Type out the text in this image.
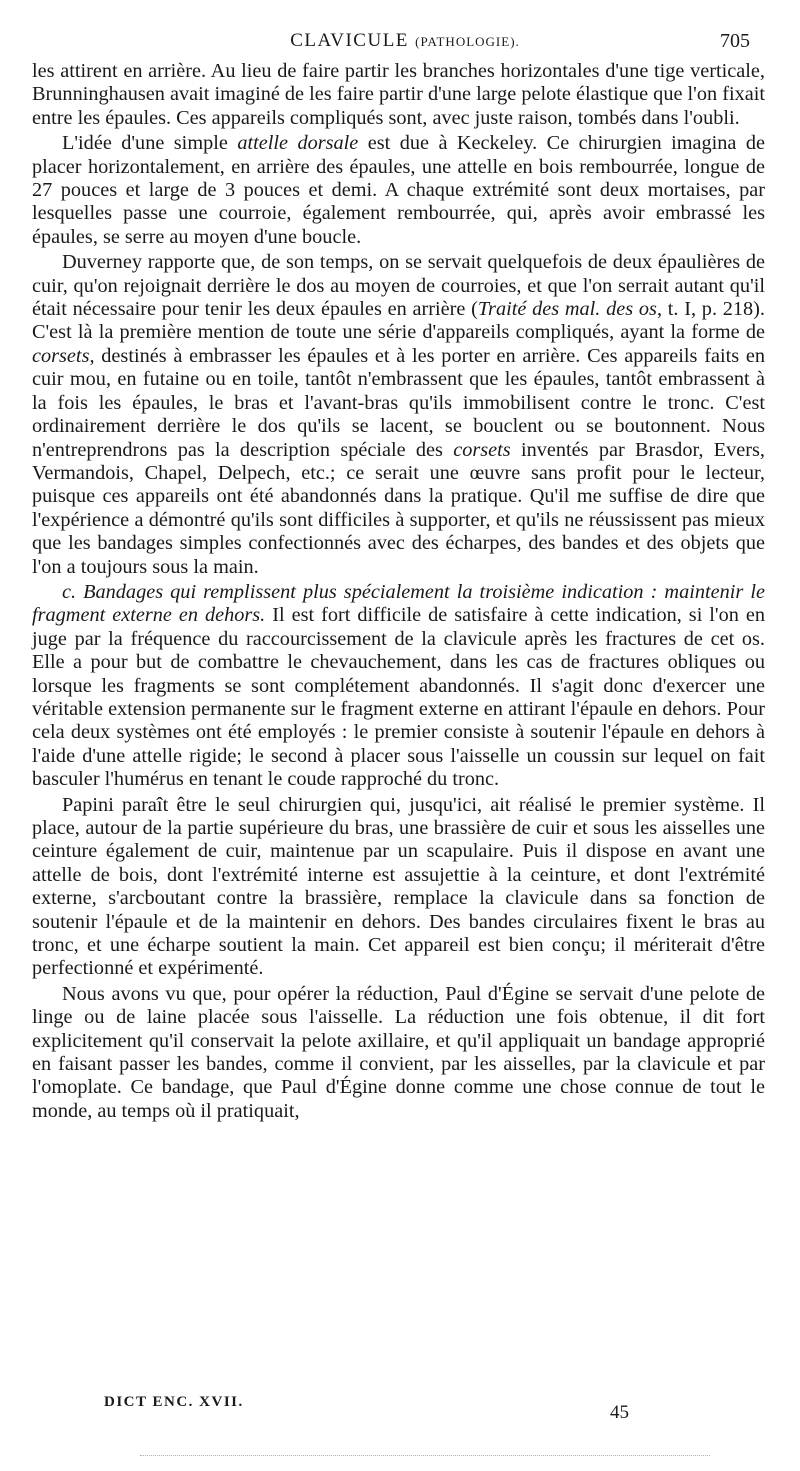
CLAVICULE (PATHOLOGIE).	705

les attirent en arrière. Au lieu de faire partir les branches horizontales d'une tige verticale, Brunninghausen avait imaginé de les faire partir d'une large pelote élastique que l'on fixait entre les épaules. Ces appareils compliqués sont, avec juste raison, tombés dans l'oubli.

L'idée d'une simple attelle dorsale est due à Keckeley. Ce chirurgien imagina de placer horizontalement, en arrière des épaules, une attelle en bois rembourrée, longue de 27 pouces et large de 3 pouces et demi. A chaque extrémité sont deux mortaises, par lesquelles passe une courroie, également rembourrée, qui, après avoir embrassé les épaules, se serre au moyen d'une boucle.

Duverney rapporte que, de son temps, on se servait quelquefois de deux épaulières de cuir, qu'on rejoignait derrière le dos au moyen de courroies, et que l'on serrait autant qu'il était nécessaire pour tenir les deux épaules en arrière (Traité des mal. des os, t. I, p. 218). C'est là la première mention de toute une série d'appareils compliqués, ayant la forme de corsets, destinés à embrasser les épaules et à les porter en arrière. Ces appareils faits en cuir mou, en futaine ou en toile, tantôt n'embrassent que les épaules, tantôt embrassent à la fois les épaules, le bras et l'avant-bras qu'ils immobilisent contre le tronc. C'est ordinairement derrière le dos qu'ils se lacent, se bouclent ou se boutonnent. Nous n'entreprendrons pas la description spéciale des corsets inventés par Brasdor, Evers, Vermandois, Chapel, Delpech, etc.; ce serait une œuvre sans profit pour le lecteur, puisque ces appareils ont été abandonnés dans la pratique. Qu'il me suffise de dire que l'expérience a démontré qu'ils sont difficiles à supporter, et qu'ils ne réussissent pas mieux que les bandages simples confectionnés avec des écharpes, des bandes et des objets que l'on a toujours sous la main.

c. Bandages qui remplissent plus spécialement la troisième indication : maintenir le fragment externe en dehors. Il est fort difficile de satisfaire à cette indication, si l'on en juge par la fréquence du raccourcissement de la clavicule après les fractures de cet os. Elle a pour but de combattre le chevauchement, dans les cas de fractures obliques ou lorsque les fragments se sont complétement abandonnés. Il s'agit donc d'exercer une véritable extension permanente sur le fragment externe en attirant l'épaule en dehors. Pour cela deux systèmes ont été employés : le premier consiste à soutenir l'épaule en dehors à l'aide d'une attelle rigide; le second à placer sous l'aisselle un coussin sur lequel on fait basculer l'humérus en tenant le coude rapproché du tronc.

Papini paraît être le seul chirurgien qui, jusqu'ici, ait réalisé le premier système. Il place, autour de la partie supérieure du bras, une brassière de cuir et sous les aisselles une ceinture également de cuir, maintenue par un scapulaire. Puis il dispose en avant une attelle de bois, dont l'extrémité interne est assujettie à la ceinture, et dont l'extrémité externe, s'arcboutant contre la brassière, remplace la clavicule dans sa fonction de soutenir l'épaule et de la maintenir en dehors. Des bandes circulaires fixent le bras au tronc, et une écharpe soutient la main. Cet appareil est bien conçu; il mériterait d'être perfectionné et expérimenté.

Nous avons vu que, pour opérer la réduction, Paul d'Égine se servait d'une pelote de linge ou de laine placée sous l'aisselle. La réduction une fois obtenue, il dit fort explicitement qu'il conservait la pelote axillaire, et qu'il appliquait un bandage approprié en faisant passer les bandes, comme il convient, par les aisselles, par la clavicule et par l'omoplate. Ce bandage, que Paul d'Égine donne comme une chose connue de tout le monde, au temps où il pratiquait,

DICT ENC. XVII.	45
